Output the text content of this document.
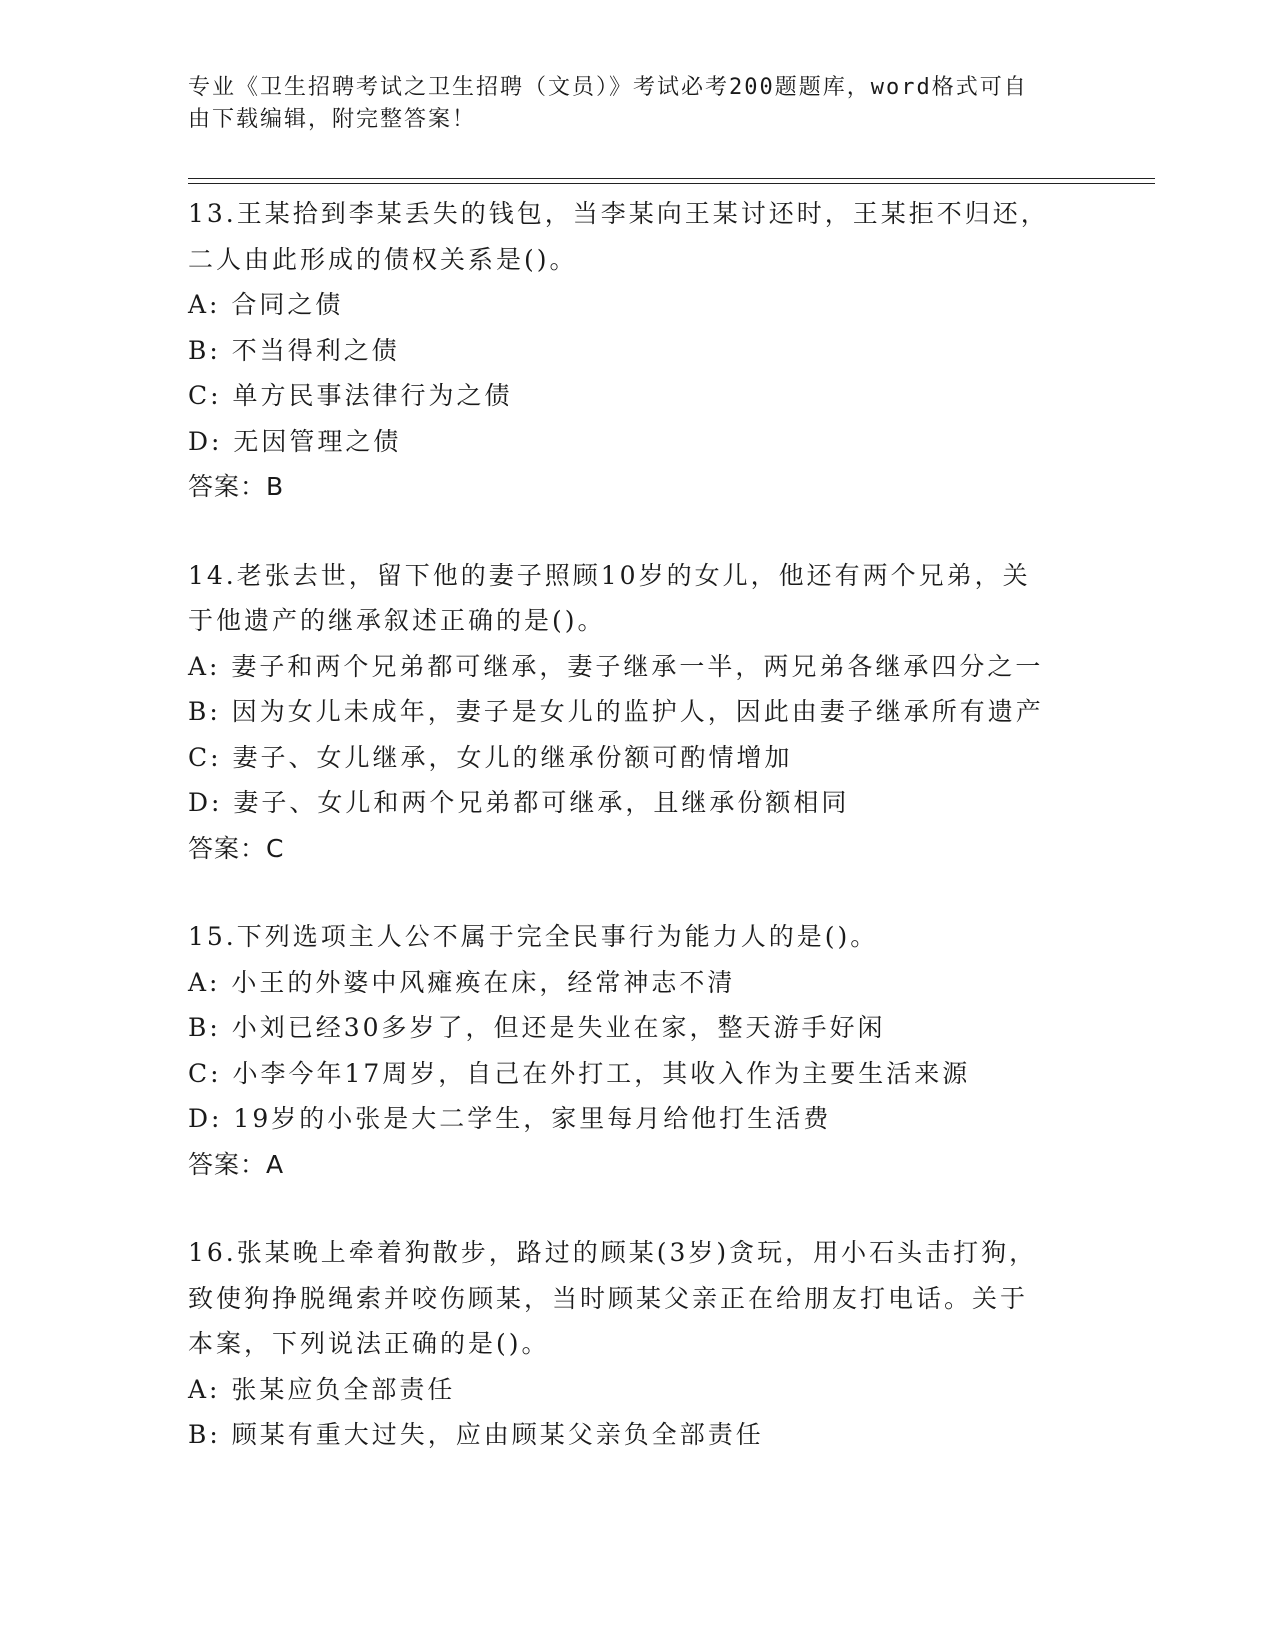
专业《卫生招聘考试之卫生招聘（文员）》考试必考200题题库，word格式可自
由下载编辑，附完整答案！
13.王某拾到李某丢失的钱包，当李某向王某讨还时，王某拒不归还，
二人由此形成的债权关系是()。
A: 合同之债
B: 不当得利之债
C: 单方民事法律行为之债
D: 无因管理之债
答案：B
14.老张去世，留下他的妻子照顾10岁的女儿，他还有两个兄弟，关
于他遗产的继承叙述正确的是()。
A: 妻子和两个兄弟都可继承，妻子继承一半，两兄弟各继承四分之一
B: 因为女儿未成年，妻子是女儿的监护人，因此由妻子继承所有遗产
C: 妻子、女儿继承，女儿的继承份额可酌情增加
D: 妻子、女儿和两个兄弟都可继承，且继承份额相同
答案：C
15.下列选项主人公不属于完全民事行为能力人的是()。
A: 小王的外婆中风瘫痪在床，经常神志不清
B: 小刘已经30多岁了，但还是失业在家，整天游手好闲
C: 小李今年17周岁，自己在外打工，其收入作为主要生活来源
D: 19岁的小张是大二学生，家里每月给他打生活费
答案：A
16.张某晚上牵着狗散步，路过的顾某(3岁)贪玩，用小石头击打狗，
致使狗挣脱绳索并咬伤顾某，当时顾某父亲正在给朋友打电话。关于
本案，下列说法正确的是()。
A: 张某应负全部责任
B: 顾某有重大过失，应由顾某父亲负全部责任
